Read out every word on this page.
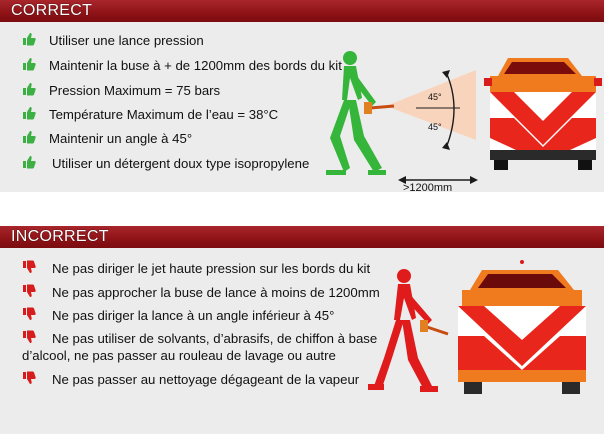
CORRECT
Utiliser une lance pression
Maintenir la buse à + de 1200mm des bords du kit
Pression Maximum = 75 bars
Température Maximum de l’eau = 38°C
Maintenir un angle à 45°
Utiliser un détergent doux type isopropylene
45°
45°
>1200mm
INCORRECT
Ne pas diriger le jet haute pression sur les bords du kit
Ne pas approcher la buse de lance à moins de 1200mm
Ne pas diriger la lance à un angle inférieur à 45°
Ne pas utiliser de solvants, d’abrasifs, de chiffon à base
d’alcool, ne pas passer au rouleau de lavage ou autre
Ne pas passer au nettoyage dégageant de la vapeur
